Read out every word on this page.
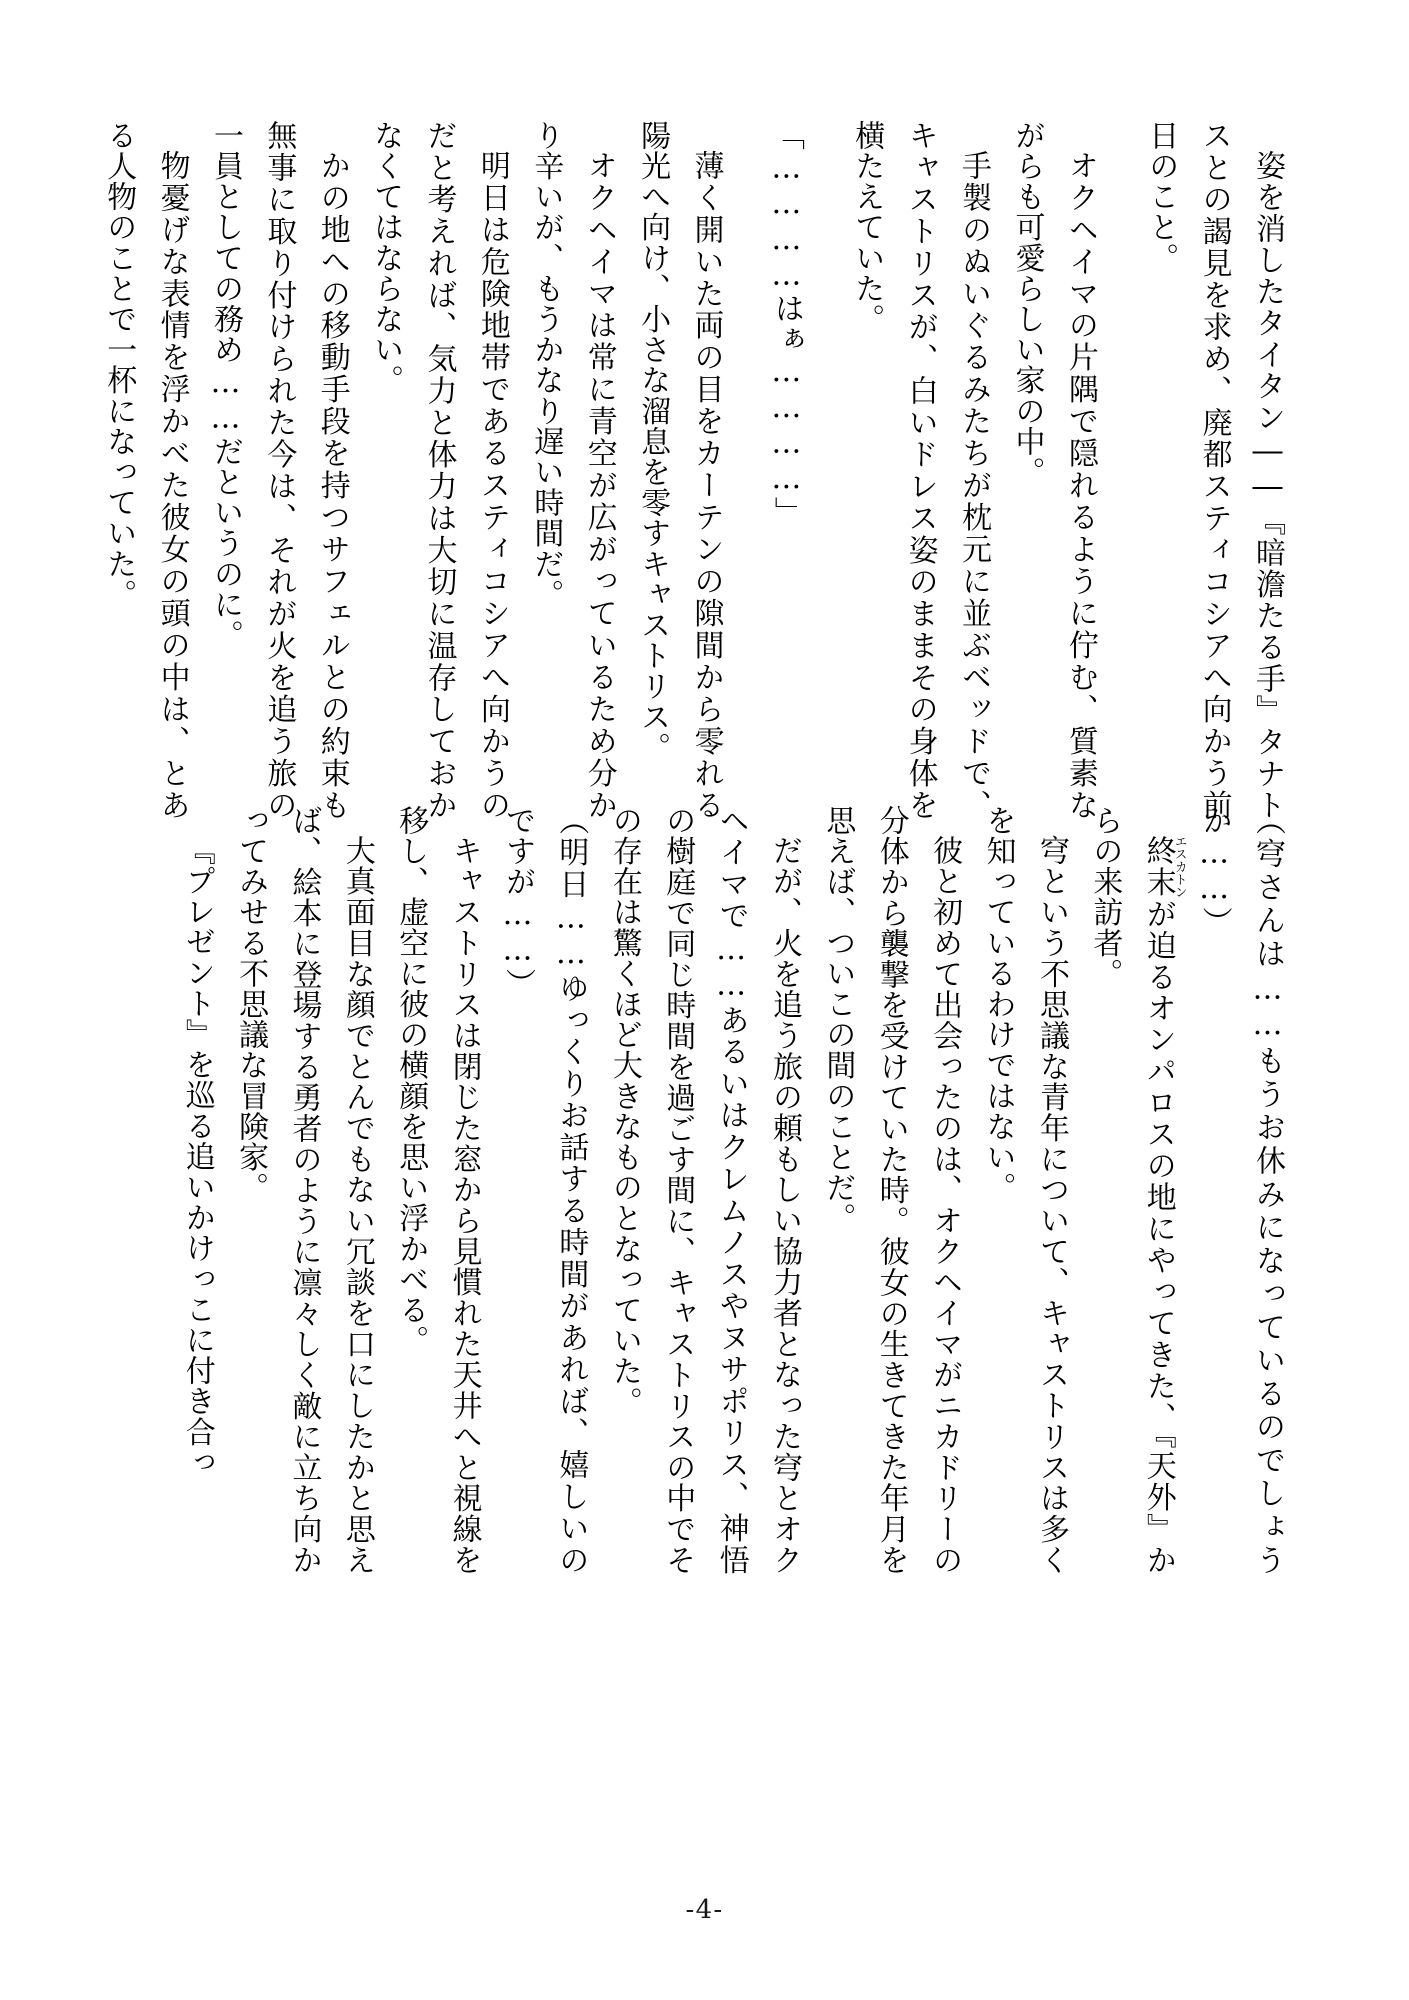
姿を消したタイタン――『暗澹たる手』タナトスとの謁見を求め、廃都スティコシアへ向かう前日のこと。

オクヘイマの片隅で隠れるように佇む、質素ながらも可愛らしい家の中。

手製のぬいぐるみたちが枕元に並ぶベッドで、キャストリスが、白いドレス姿のままその身体を横たえていた。

「…………はぁ…………」

薄く開いた両の目をカーテンの隙間から零れる陽光へ向け、小さな溜息を零すキャストリス。

オクヘイマは常に青空が広がっているため分かり辛いが、もうかなり遅い時間だ。

明日は危険地帯であるスティコシアへ向かうのだと考えれば、気力と体力は大切に温存しておかなくてはならない。

かの地への移動手段を持つサフェルとの約束も無事に取り付けられた今は、それが火を追う旅の一員としての務め……だというのに。

物憂げな表情を浮かべた彼女の頭の中は、とある人物のことで一杯になっていた。

（穹さんは……もうお休みになっているのでしょうか……）

終末エスカトンが迫るオンパロスの地にやってきた、『天外』からの来訪者。

穹という不思議な青年について、キャストリスは多くを知っているわけではない。

彼と初めて出会ったのは、オクヘイマがニカドリーの分体から襲撃を受けていた時。彼女の生きてきた年月を思えば、ついこの間のことだ。

だが、火を追う旅の頼もしい協力者となった穹とオクヘイマで……あるいはクレムノスやヌサポリス、神悟の樹庭で同じ時間を過ごす間に、キャストリスの中でその存在は驚くほど大きなものとなっていた。

（明日……ゆっくりお話する時間があれば、嬉しいのですが……）

キャストリスは閉じた窓から見慣れた天井へと視線を移し、虚空に彼の横顔を思い浮かべる。

大真面目な顔でとんでもない冗談を口にしたかと思えば、絵本に登場する勇者のように凛々しく敵に立ち向かってみせる不思議な冒険家。

『プレゼント』を巡る追いかけっこに付き合っ

-4-
